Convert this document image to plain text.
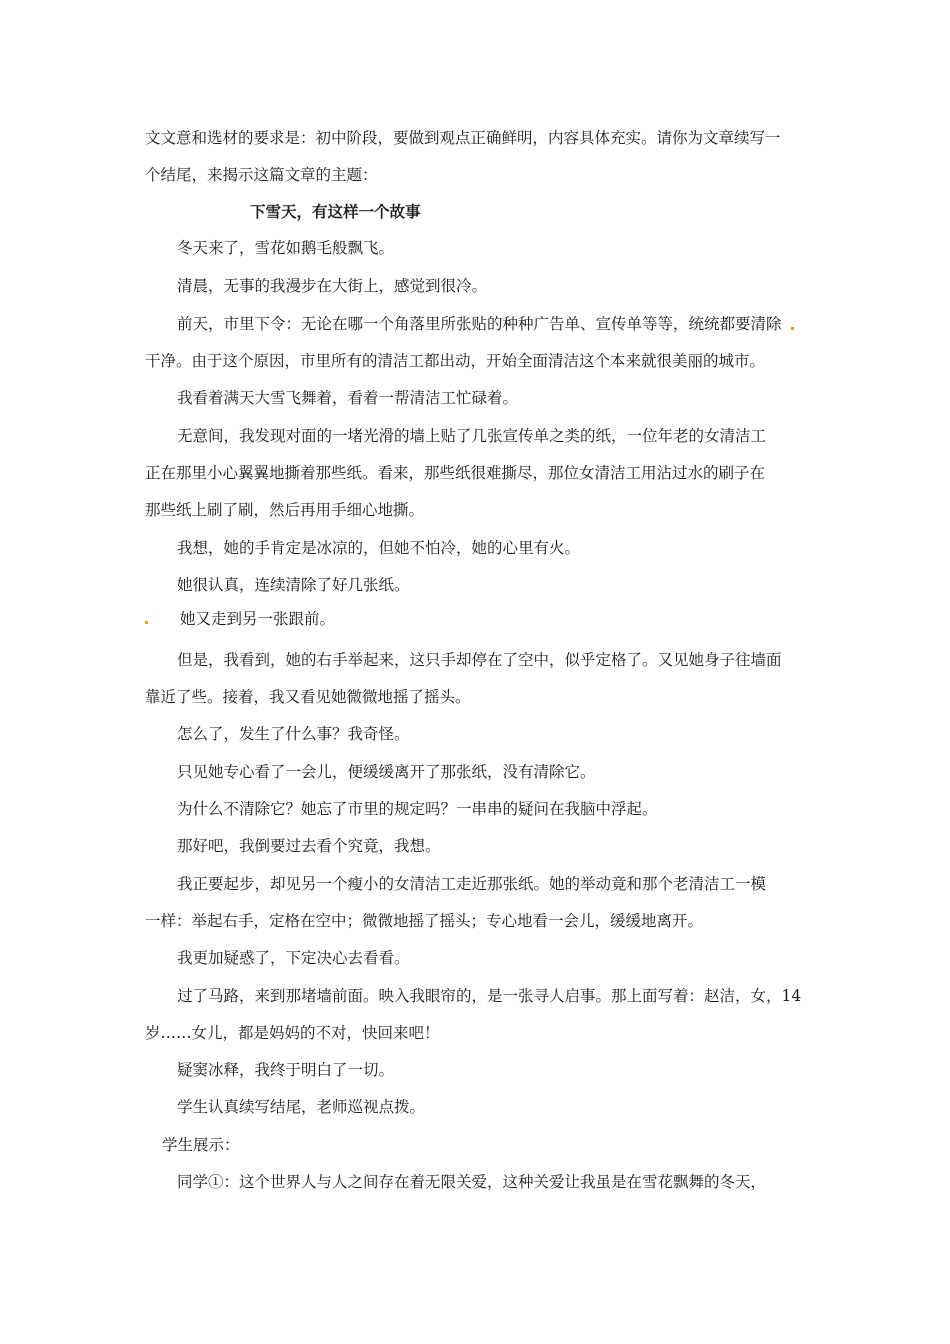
文文意和选材的要求是：初中阶段，要做到观点正确鲜明，内容具体充实。请你为文章续写一
个结尾，来揭示这篇文章的主题：
下雪天，有这样一个故事
冬天来了，雪花如鹅毛般飘飞。
清晨，无事的我漫步在大街上，感觉到很冷。
前天，市里下令：无论在哪一个角落里所张贴的种种广告单、宣传单等等，统统都要清除
干净。由于这个原因，市里所有的清洁工都出动，开始全面清洁这个本来就很美丽的城市。
我看着满天大雪飞舞着，看着一帮清洁工忙碌着。
无意间，我发现对面的一堵光滑的墙上贴了几张宣传单之类的纸，一位年老的女清洁工
正在那里小心翼翼地撕着那些纸。看来，那些纸很难撕尽，那位女清洁工用沾过水的刷子在
那些纸上刷了刷，然后再用手细心地撕。
我想，她的手肯定是冰凉的，但她不怕冷，她的心里有火。
她很认真，连续清除了好几张纸。
她又走到另一张跟前。
但是，我看到，她的右手举起来，这只手却停在了空中，似乎定格了。又见她身子往墙面
靠近了些。接着，我又看见她微微地摇了摇头。
怎么了，发生了什么事？我奇怪。
只见她专心看了一会儿，便缓缓离开了那张纸，没有清除它。
为什么不清除它？她忘了市里的规定吗？一串串的疑问在我脑中浮起。
那好吧，我倒要过去看个究竟，我想。
我正要起步，却见另一个瘦小的女清洁工走近那张纸。她的举动竟和那个老清洁工一模
一样：举起右手，定格在空中；微微地摇了摇头；专心地看一会儿，缓缓地离开。
我更加疑惑了，下定决心去看看。
过了马路，来到那堵墙前面。映入我眼帘的，是一张寻人启事。那上面写着：赵洁，女，14
岁……女儿，都是妈妈的不对，快回来吧！
疑窦冰释，我终于明白了一切。
学生认真续写结尾，老师巡视点拨。
学生展示：
同学①：这个世界人与人之间存在着无限关爱，这种关爱让我虽是在雪花飘舞的冬天，
